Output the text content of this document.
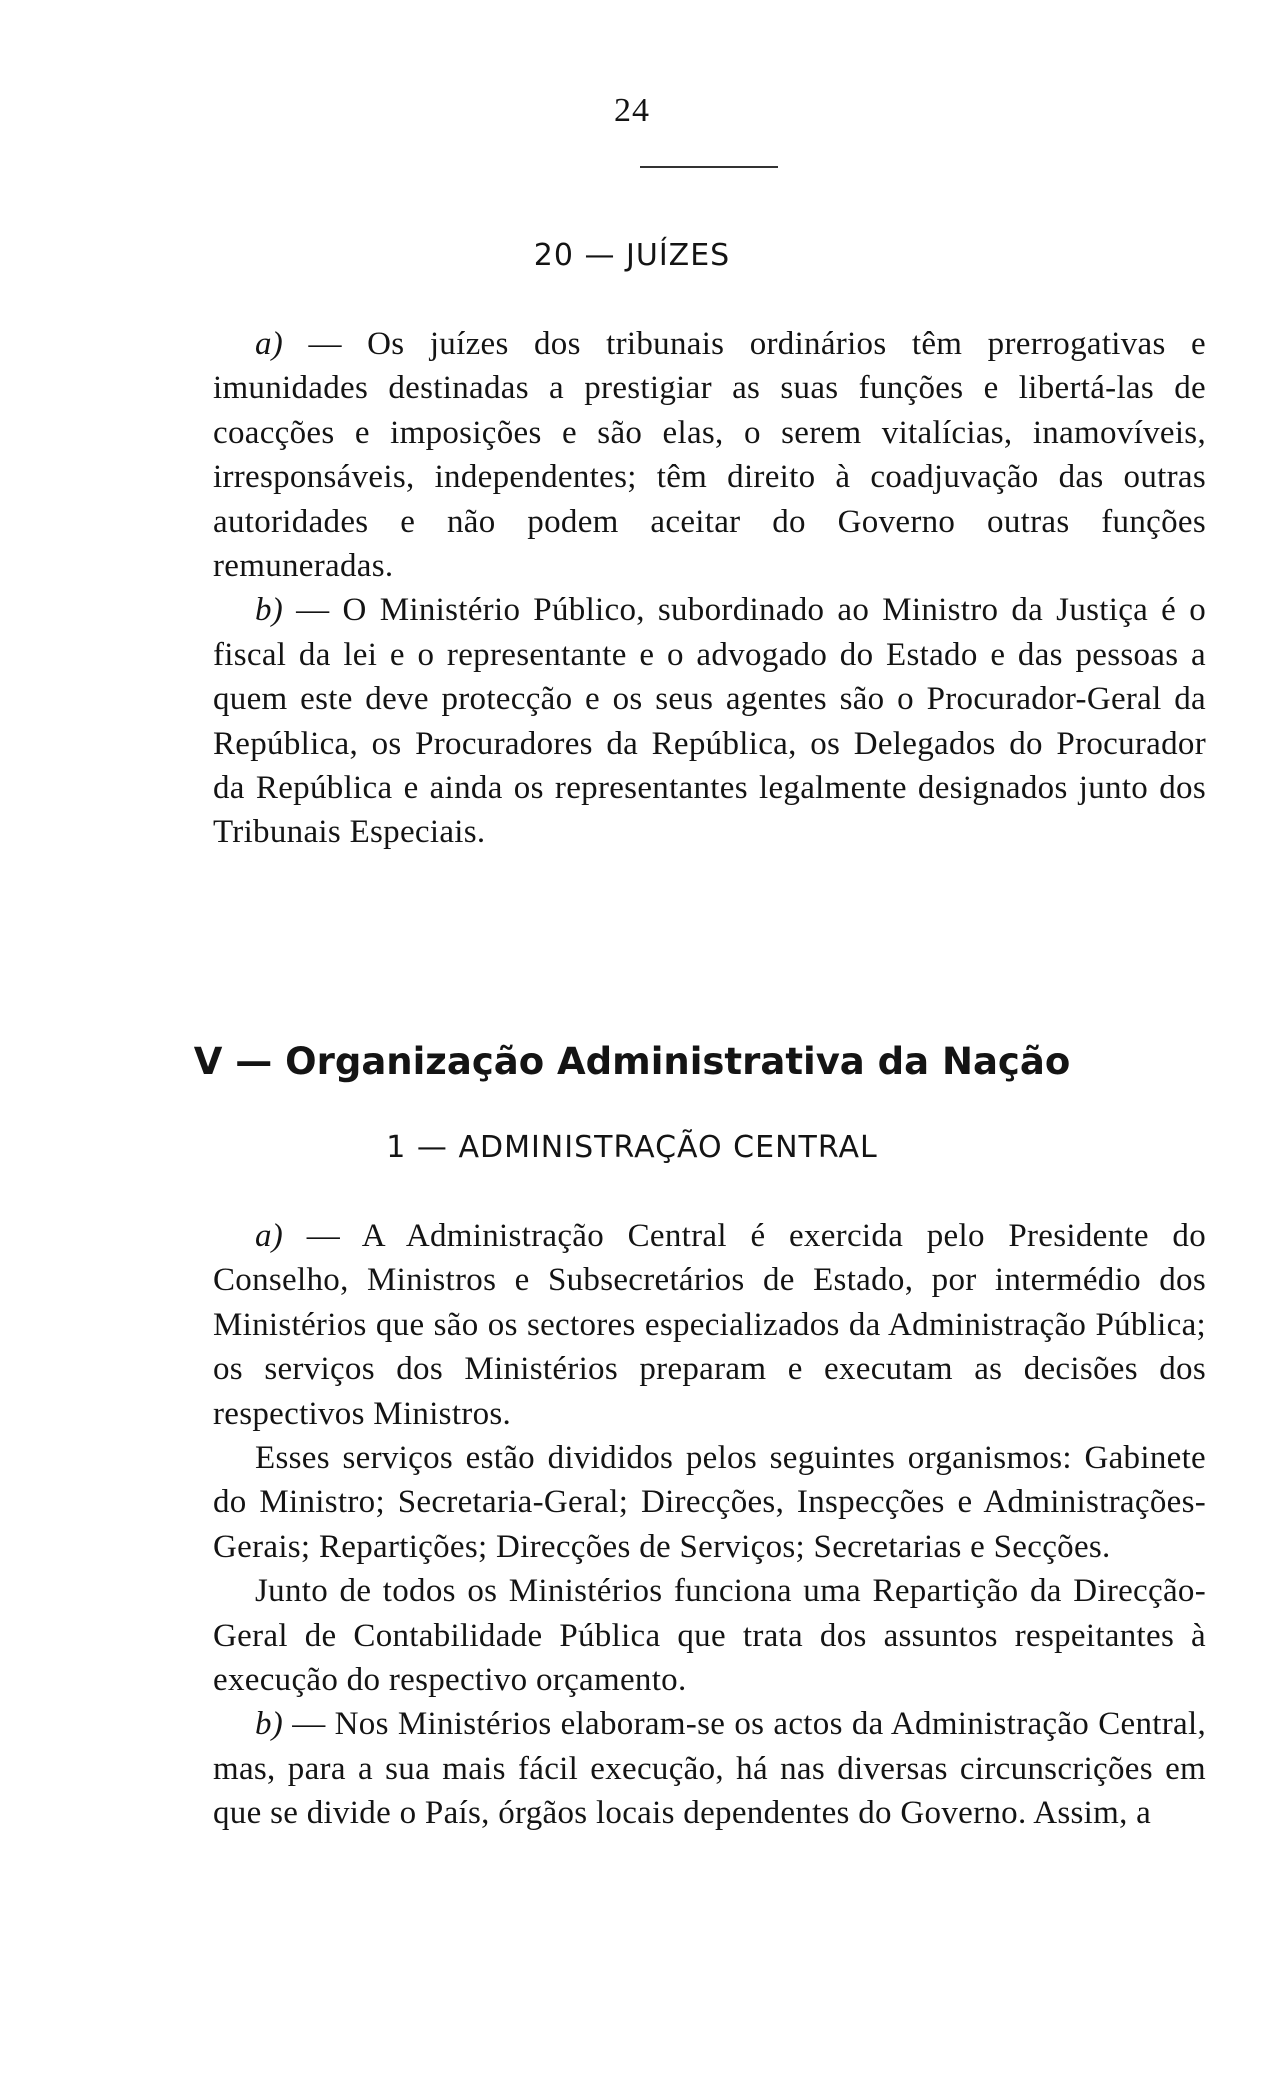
24
20 — JUÍZES

a) — Os juízes dos tribunais ordinários têm prerrogativas e imunidades destinadas a prestigiar as suas funções e libertá-las de coacções e imposições e são elas, o serem vitalícias, inamovíveis, irresponsáveis, independentes; têm direito à coadjuvação das outras autoridades e não podem aceitar do Governo outras funções remuneradas.

b) — O Ministério Público, subordinado ao Ministro da Justiça é o fiscal da lei e o representante e o advogado do Estado e das pessoas a quem este deve protecção e os seus agentes são o Procurador-Geral da República, os Procuradores da República, os Delegados do Procurador da República e ainda os representantes legalmente designados junto dos Tribunais Especiais.

V — Organização Administrativa da Nação
1 — ADMINISTRAÇÃO CENTRAL

a) — A Administração Central é exercida pelo Presidente do Conselho, Ministros e Subsecretários de Estado, por intermédio dos Ministérios que são os sectores especializados da Administração Pública; os serviços dos Ministérios preparam e executam as decisões dos respectivos Ministros.

Esses serviços estão divididos pelos seguintes organismos: Gabinete do Ministro; Secretaria-Geral; Direcções, Inspecções e Administrações-Gerais; Repartições; Direcções de Serviços; Secretarias e Secções.

Junto de todos os Ministérios funciona uma Repartição da Direcção-Geral de Contabilidade Pública que trata dos assuntos respeitantes à execução do respectivo orçamento.

b) — Nos Ministérios elaboram-se os actos da Administração Central, mas, para a sua mais fácil execução, há nas diversas circunscrições em que se divide o País, órgãos locais dependentes do Governo. Assim, a
